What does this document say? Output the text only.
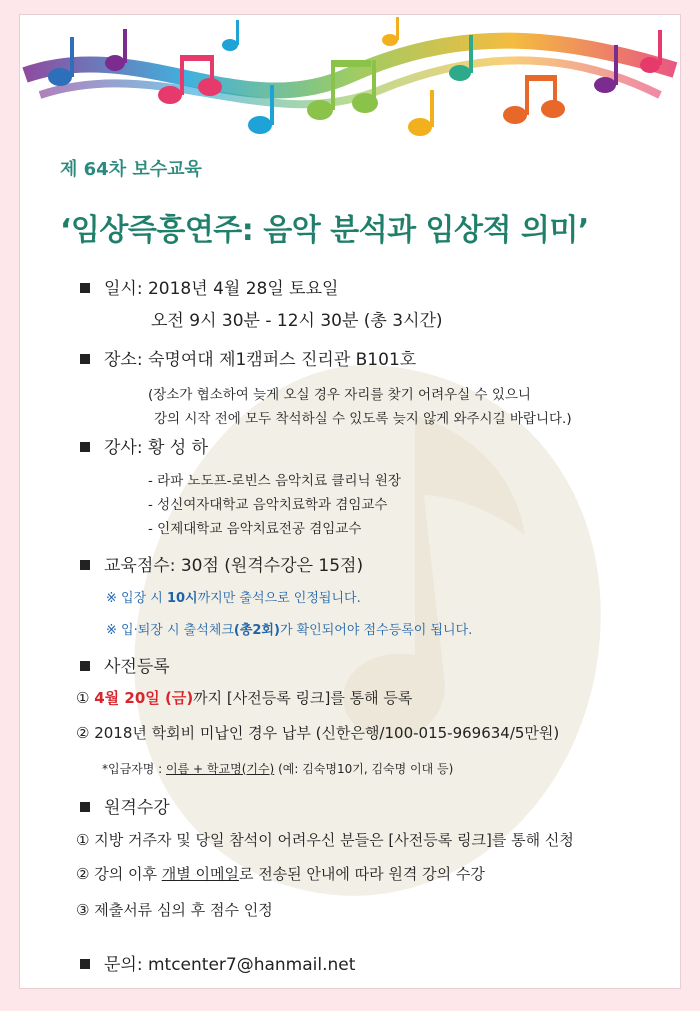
제 64차 보수교육
‘임상즉흥연주: 음악 분석과 임상적 의미’
일시: 2018년 4월 28일 토요일
오전 9시 30분 - 12시 30분 (총 3시간)
장소: 숙명여대 제1캠퍼스 진리관 B101호
(장소가 협소하여 늦게 오실 경우 자리를 찾기 어려우실 수 있으니
강의 시작 전에 모두 착석하실 수 있도록 늦지 않게 와주시길 바랍니다.)
강사: 황 성 하
- 라파 노도프-로빈스 음악치료 클리닉 원장
- 성신여자대학교 음악치료학과 겸임교수
- 인제대학교 음악치료전공 겸임교수
교육점수: 30점 (원격수강은 15점)
※ 입장 시 10시까지만 출석으로 인정됩니다.
※ 입·퇴장 시 출석체크(총2회)가 확인되어야 점수등록이 됩니다.
사전등록
① 4월 20일 (금)까지 [사전등록 링크]를 통해 등록
② 2018년 학회비 미납인 경우 납부 (신한은행/100-015-969634/5만원)
*입금자명 : 이름 + 학교명(기수) (예: 김숙명10기, 김숙명 이대 등)
원격수강
① 지방 거주자 및 당일 참석이 어려우신 분들은 [사전등록 링크]를 통해 신청
② 강의 이후 개별 이메일로 전송된 안내에 따라 원격 강의 수강
③ 제출서류 심의 후 점수 인정
문의: mtcenter7@hanmail.net
